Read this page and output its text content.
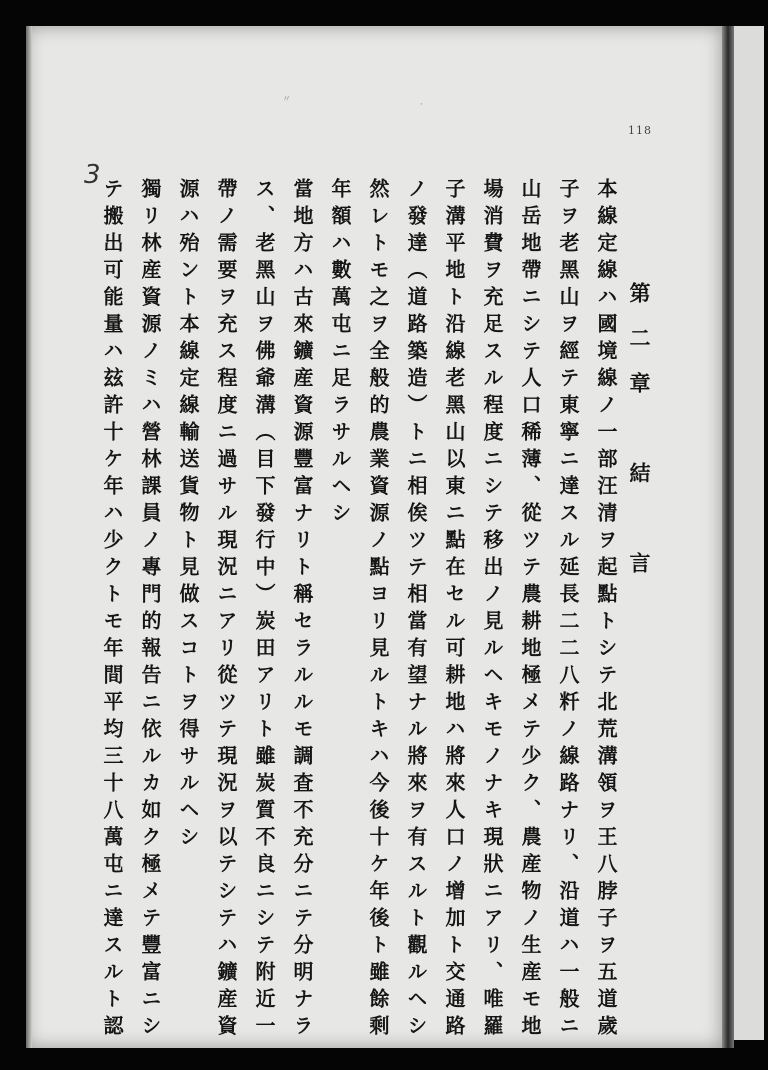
〃	·
118
3
第二章　結　言
本線定線ハ國境線ノ一部汪清ヲ起點トシテ北荒溝領ヲ王八脖子ヲ五道歲
子ヲ老黑山ヲ經テ東寧ニ達スル延長二二八粁ノ線路ナリ、沿道ハ一般ニ
山岳地帶ニシテ人口稀薄、從ツテ農耕地極メテ少ク、農産物ノ生産モ地
場消費ヲ充足スル程度ニシテ移出ノ見ルヘキモノナキ現狀ニアリ、唯羅
子溝平地ト沿線老黑山以東ニ點在セル可耕地ハ將來人口ノ增加ト交通路
ノ發達（道路築造）トニ相俟ツテ相當有望ナル將來ヲ有スルト觀ルヘシ
然レトモ之ヲ全般的農業資源ノ點ヨリ見ルトキハ今後十ケ年後ト雖餘剩
年額ハ數萬屯ニ足ラサルヘシ
當地方ハ古來鑛産資源豐富ナリト稱セラルルモ調査不充分ニテ分明ナラ
ス、老黑山ヲ佛爺溝（目下發行中）炭田アリト雖炭質不良ニシテ附近一
帶ノ需要ヲ充ス程度ニ過サル現況ニアリ從ツテ現況ヲ以テシテハ鑛産資
源ハ殆ント本線定線輸送貨物ト見做スコトヲ得サルヘシ
獨リ林産資源ノミハ營林課員ノ專門的報告ニ依ルカ如ク極メテ豐富ニシ
テ搬出可能量ハ玆許十ケ年ハ少クトモ年間平均三十八萬屯ニ達スルト認
